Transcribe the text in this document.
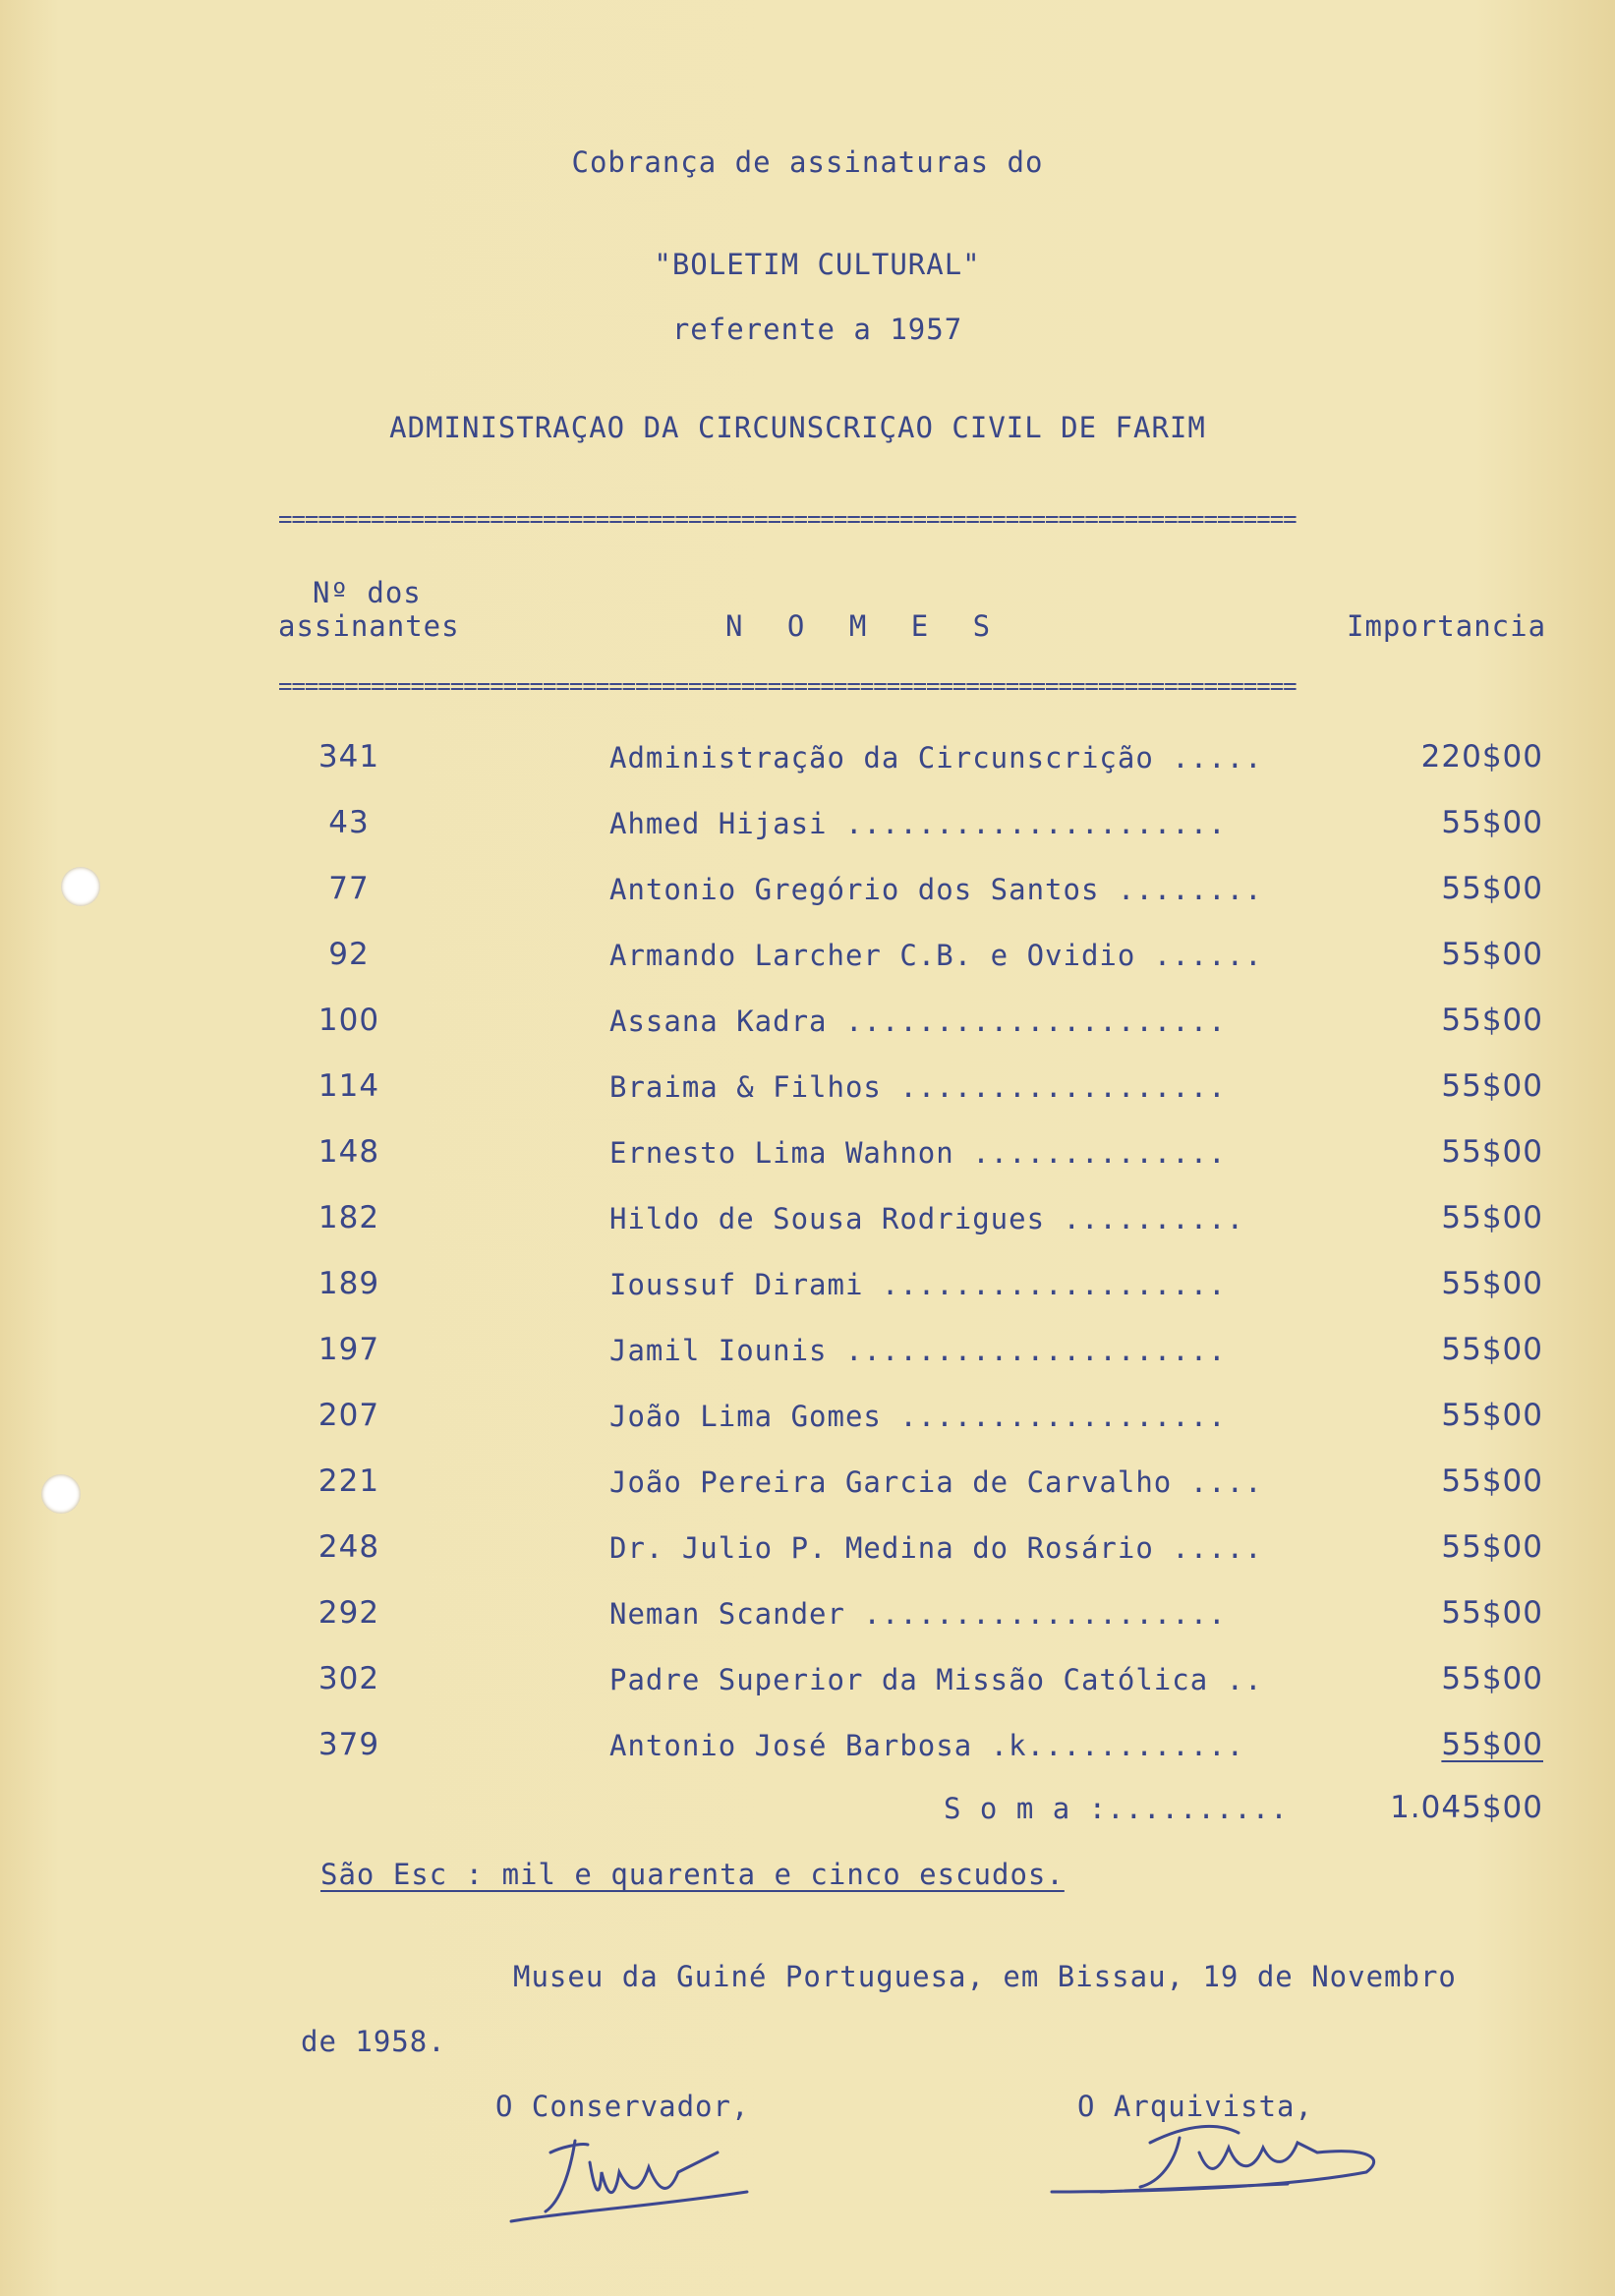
Cobrança de assinaturas do
"BOLETIM CULTURAL"
referente a 1957
ADMINISTRAÇAO DA CIRCUNSCRIÇAO CIVIL DE FARIM
=============================================================================
Nº dos
assinantes	N O M E S	Importancia
=============================================================================
341	Administração da Circunscrição .....	220$00
43	Ahmed Hijasi .....................	55$00
77	Antonio Gregório dos Santos ........	55$00
92	Armando Larcher C.B. e Ovidio ......	55$00
100	Assana Kadra .....................	55$00
114	Braima & Filhos ..................	55$00
148	Ernesto Lima Wahnon ..............	55$00
182	Hildo de Sousa Rodrigues ..........	55$00
189	Ioussuf Dirami ...................	55$00
197	Jamil Iounis .....................	55$00
207	João Lima Gomes ..................	55$00
221	João Pereira Garcia de Carvalho ....	55$00
248	Dr. Julio P. Medina do Rosário .....	55$00
292	Neman Scander ....................	55$00
302	Padre Superior da Missão Católica ..	55$00
379	Antonio José Barbosa .k............	55$00
S o m a :..........	1.045$00
São Esc : mil e quarenta e cinco escudos.
Museu da Guiné Portuguesa, em Bissau, 19 de Novembro
de 1958.
O Conservador,	O Arquivista,
